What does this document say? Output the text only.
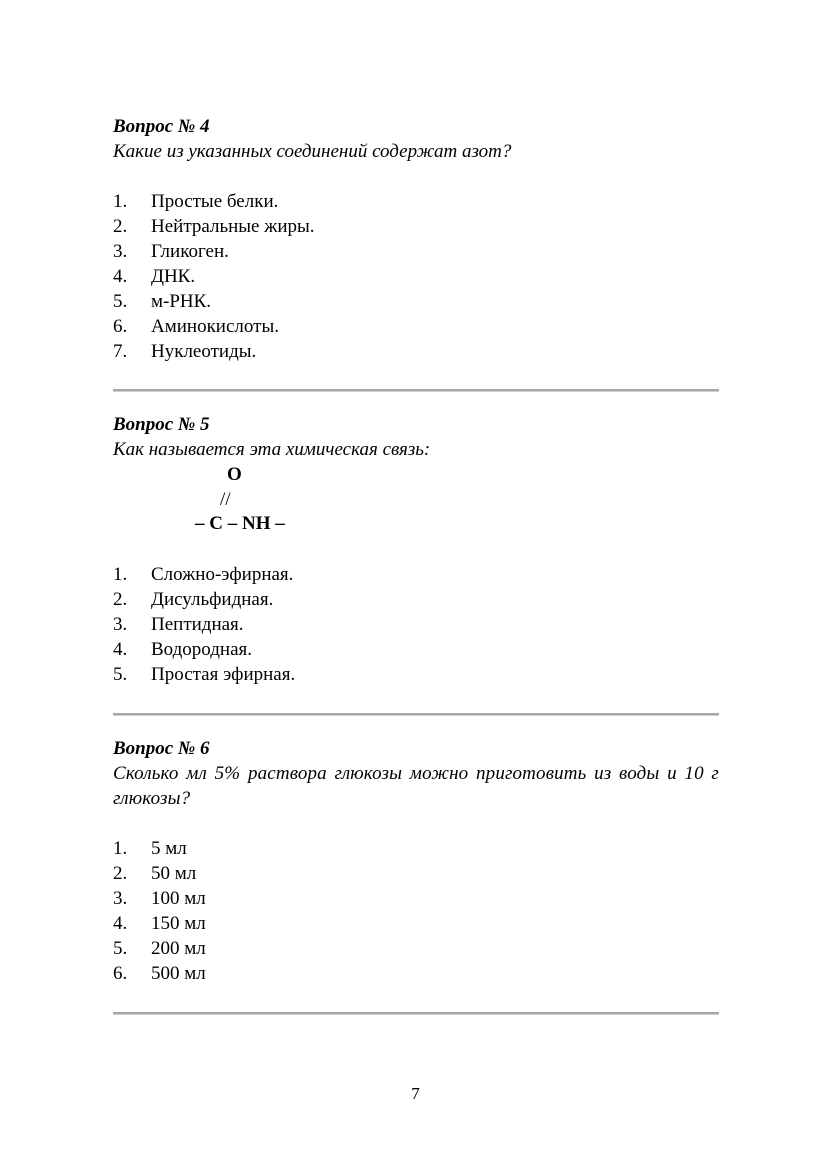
Вопрос № 4

Какие из указанных соединений содержат азот?

1.	Простые белки.
2.	Нейтральные жиры.
3.	Гликоген.
4.	ДНК.
5.	м-РНК.
6.	Аминокислоты.
7.	Нуклеотиды.

Вопрос № 5

Как называется эта химическая связь:

O
//
– C – NH –
1.	Сложно-эфирная.
2.	Дисульфидная.
3.	Пептидная.
4.	Водородная.
5.	Простая эфирная.

Вопрос № 6

Сколько мл 5% раствора глюкозы можно приготовить из воды и 10 г глюкозы?

1.	5 мл
2.	50 мл
3.	100 мл
4.	150 мл
5.	200 мл
6.	500 мл
7
